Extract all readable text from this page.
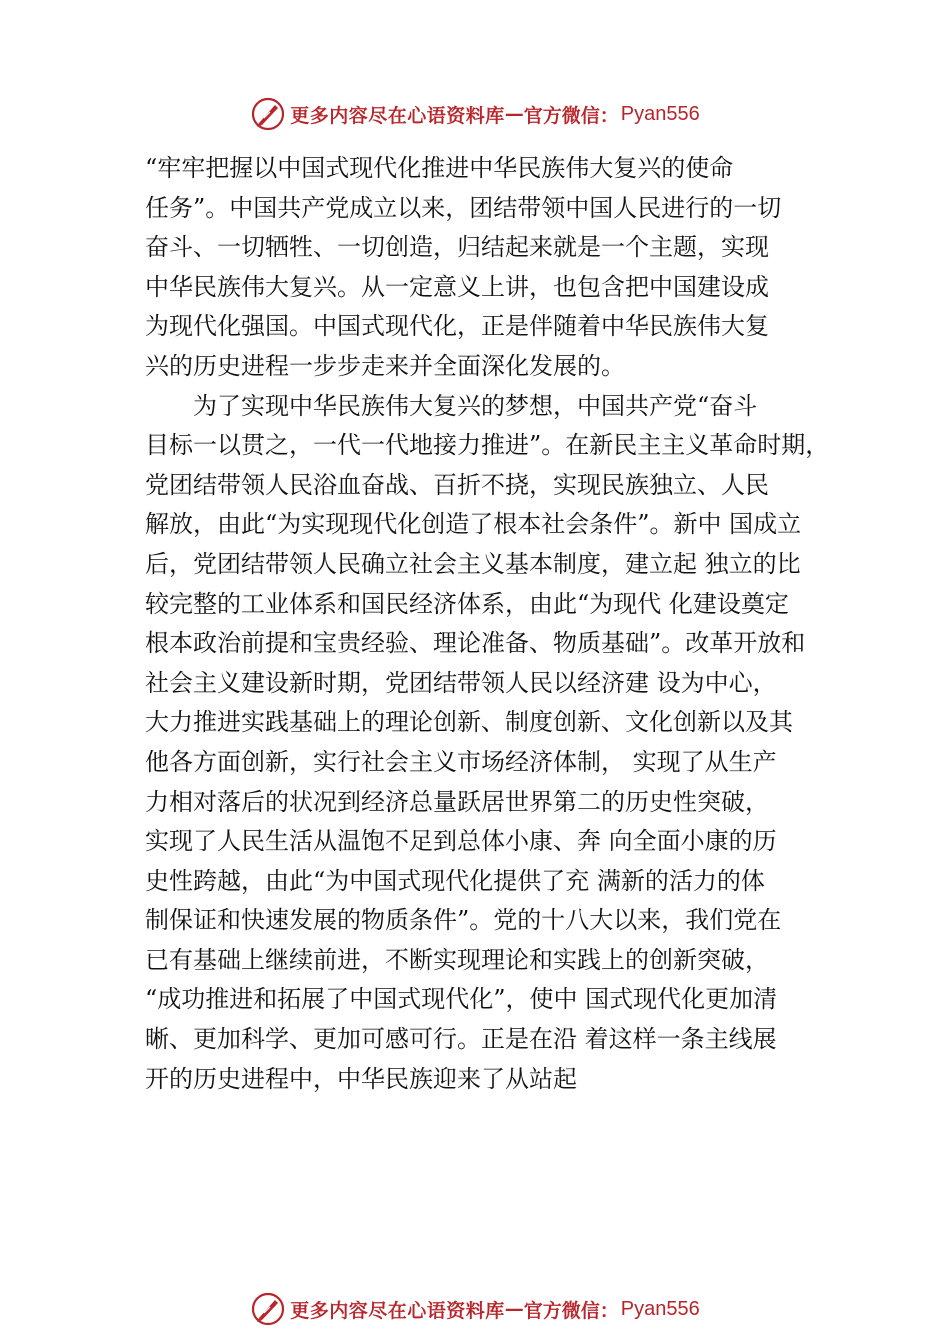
更多内容尽在心语资料库 — 官方微信： Pyan556
“牢牢把握以中国式现代化推进中华民族伟大复兴的使命
任务”。中国共产党成立以来，团结带领中国人民进行的一切
奋斗、一切牺牲、一切创造，归结起来就是一个主题，实现
中华民族伟大复兴。从一定意义上讲，也包含把中国建设成
为现代化强国。中国式现代化，正是伴随着中华民族伟大复
兴的历史进程一步步走来并全面深化发展的。
为了实现中华民族伟大复兴的梦想，中国共产党“奋斗
目标一以贯之，一代一代地接力推进”。在新民主主义革命时期，
党团结带领人民浴血奋战、百折不挠，实现民族独立、人民
解放，由此“为实现现代化创造了根本社会条件”。新中 国成立
后，党团结带领人民确立社会主义基本制度，建立起 独立的比
较完整的工业体系和国民经济体系，由此“为现代 化建设奠定
根本政治前提和宝贵经验、理论准备、物质基础”。改革开放和
社会主义建设新时期，党团结带领人民以经济建 设为中心，
大力推进实践基础上的理论创新、制度创新、文化创新以及其
他各方面创新，实行社会主义市场经济体制， 实现了从生产
力相对落后的状况到经济总量跃居世界第二的历史性突破，
实现了人民生活从温饱不足到总体小康、奔 向全面小康的历
史性跨越，由此“为中国式现代化提供了充 满新的活力的体
制保证和快速发展的物质条件”。党的十八大以来，我们党在
已有基础上继续前进，不断实现理论和实践上的创新突破，
“成功推进和拓展了中国式现代化”，使中 国式现代化更加清
晰、更加科学、更加可感可行。正是在沿 着这样一条主线展
开的历史进程中，中华民族迎来了从站起
更多内容尽在心语资料库 — 官方微信： Pyan556
